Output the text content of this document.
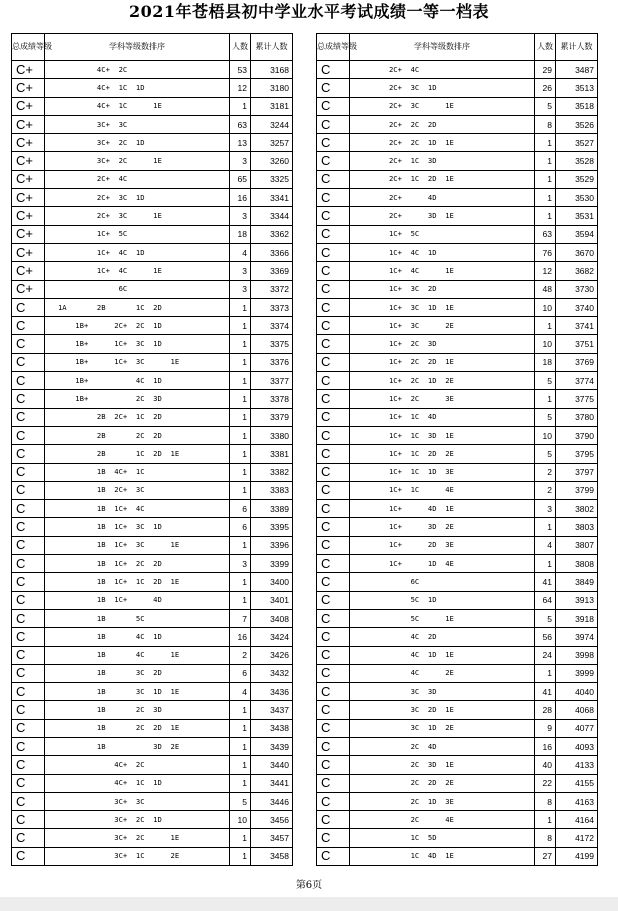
2021年苍梧县初中学业水平考试成绩一等一档表
总成绩等级	学科等级数排序	人数	累计人数
C+	4C+  2C	53	3168
C+	4C+  1C  1D	12	3180
C+	4C+  1C      1E	1	3181
C+	3C+  3C	63	3244
C+	3C+  2C  1D	13	3257
C+	3C+  2C      1E	3	3260
C+	2C+  4C	65	3325
C+	2C+  3C  1D	16	3341
C+	2C+  3C      1E	3	3344
C+	1C+  5C	18	3362
C+	1C+  4C  1D	4	3366
C+	1C+  4C      1E	3	3369
C+	6C	3	3372
C	1A       2B       1C  2D	1	3373
C	1B+      2C+  2C  1D	1	3374
C	1B+      1C+  3C  1D	1	3375
C	1B+      1C+  3C      1E	1	3376
C	1B+           4C  1D	1	3377
C	1B+           2C  3D	1	3378
C	2B  2C+  1C  2D	1	3379
C	2B       2C  2D	1	3380
C	2B       1C  2D  1E	1	3381
C	1B  4C+  1C	1	3382
C	1B  2C+  3C	1	3383
C	1B  1C+  4C	6	3389
C	1B  1C+  3C  1D	6	3395
C	1B  1C+  3C      1E	1	3396
C	1B  1C+  2C  2D	3	3399
C	1B  1C+  1C  2D  1E	1	3400
C	1B  1C+      4D	1	3401
C	1B       5C	7	3408
C	1B       4C  1D	16	3424
C	1B       4C      1E	2	3426
C	1B       3C  2D	6	3432
C	1B       3C  1D  1E	4	3436
C	1B       2C  3D	1	3437
C	1B       2C  2D  1E	1	3438
C	1B           3D  2E	1	3439
C	4C+  2C	1	3440
C	4C+  1C  1D	1	3441
C	3C+  3C	5	3446
C	3C+  2C  1D	10	3456
C	3C+  2C      1E	1	3457
C	3C+  1C      2E	1	3458
总成绩等级	学科等级数排序	人数	累计人数
C	2C+  4C	29	3487
C	2C+  3C  1D	26	3513
C	2C+  3C      1E	5	3518
C	2C+  2C  2D	8	3526
C	2C+  2C  1D  1E	1	3527
C	2C+  1C  3D	1	3528
C	2C+  1C  2D  1E	1	3529
C	2C+      4D	1	3530
C	2C+      3D  1E	1	3531
C	1C+  5C	63	3594
C	1C+  4C  1D	76	3670
C	1C+  4C      1E	12	3682
C	1C+  3C  2D	48	3730
C	1C+  3C  1D  1E	10	3740
C	1C+  3C      2E	1	3741
C	1C+  2C  3D	10	3751
C	1C+  2C  2D  1E	18	3769
C	1C+  2C  1D  2E	5	3774
C	1C+  2C      3E	1	3775
C	1C+  1C  4D	5	3780
C	1C+  1C  3D  1E	10	3790
C	1C+  1C  2D  2E	5	3795
C	1C+  1C  1D  3E	2	3797
C	1C+  1C      4E	2	3799
C	1C+      4D  1E	3	3802
C	1C+      3D  2E	1	3803
C	1C+      2D  3E	4	3807
C	1C+      1D  4E	1	3808
C	6C	41	3849
C	5C  1D	64	3913
C	5C      1E	5	3918
C	4C  2D	56	3974
C	4C  1D  1E	24	3998
C	4C      2E	1	3999
C	3C  3D	41	4040
C	3C  2D  1E	28	4068
C	3C  1D  2E	9	4077
C	2C  4D	16	4093
C	2C  3D  1E	40	4133
C	2C  2D  2E	22	4155
C	2C  1D  3E	8	4163
C	2C      4E	1	4164
C	1C  5D	8	4172
C	1C  4D  1E	27	4199
第6页
